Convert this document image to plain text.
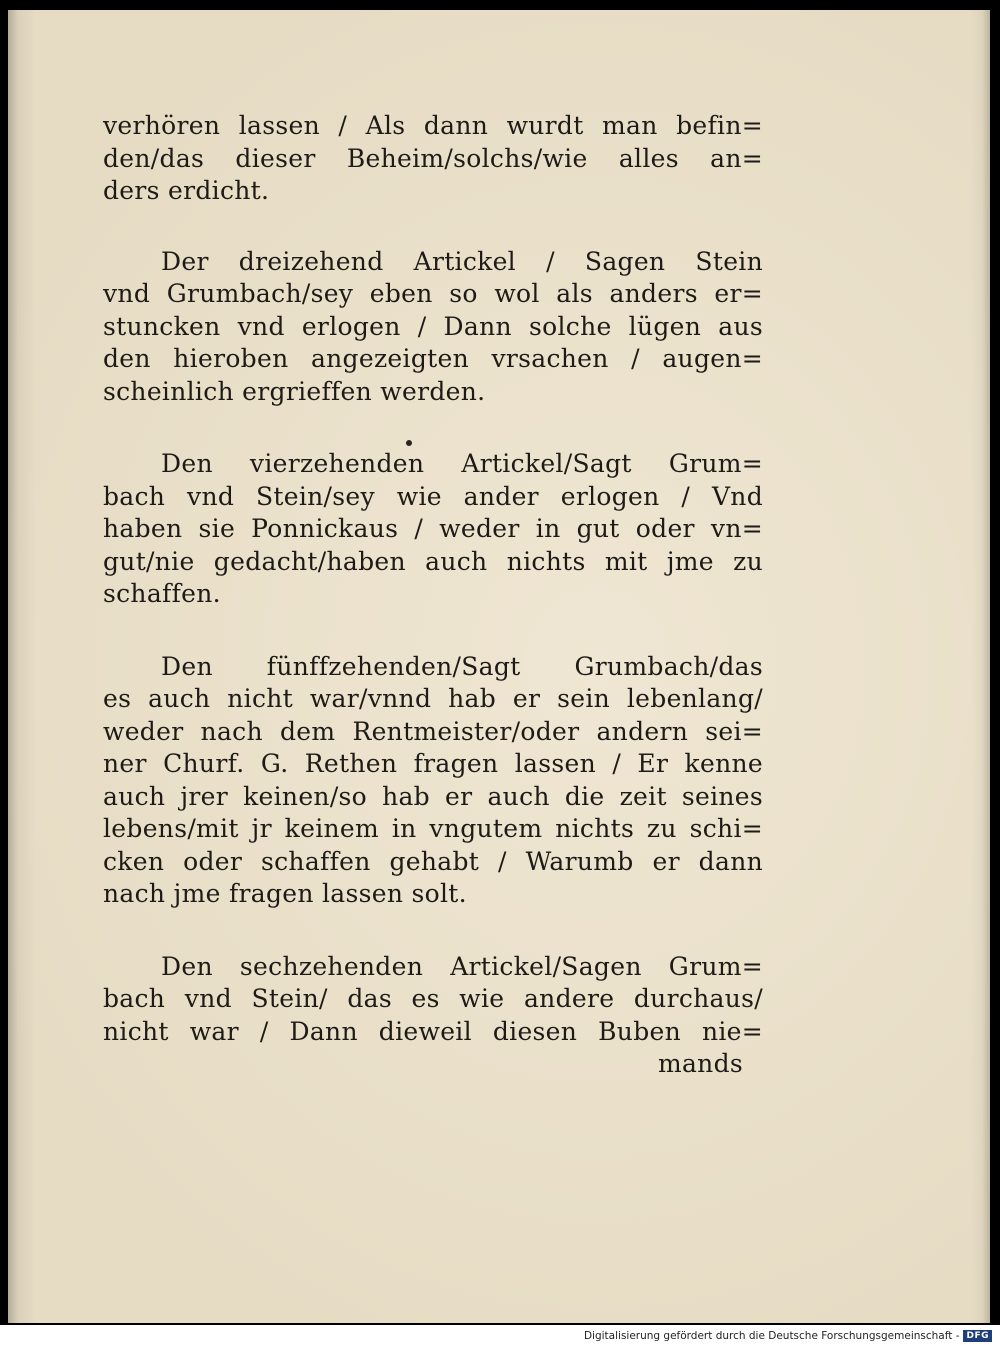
verhören lassen / Als dann wurdt man befin=
den/das dieser Beheim/solchs/wie alles an=
ders erdicht.
Der dreizehend Artickel / Sagen Stein
vnd Grumbach/sey eben so wol als anders er=
stuncken vnd erlogen / Dann solche lügen aus
den hieroben angezeigten vrsachen / augen=
scheinlich ergrieffen werden.
Den vierzehenden Artickel/Sagt Grum=
bach vnd Stein/sey wie ander erlogen / Vnd
haben sie Ponnickaus / weder in gut oder vn=
gut/nie gedacht/haben auch nichts mit jme zu
schaffen.
Den fünffzehenden/Sagt Grumbach/das
es auch nicht war/vnnd hab er sein lebenlang/
weder nach dem Rentmeister/oder andern sei=
ner Churf. G. Rethen fragen lassen / Er kenne
auch jrer keinen/so hab er auch die zeit seines
lebens/mit jr keinem in vngutem nichts zu schi=
cken oder schaffen gehabt / Warumb er dann
nach jme fragen lassen solt.
Den sechzehenden Artickel/Sagen Grum=
bach vnd Stein/ das es wie andere durchaus/
nicht war / Dann dieweil diesen Buben nie=
mands
Digitalisierung gefördert durch die Deutsche Forschungsgemeinschaft - DFG
